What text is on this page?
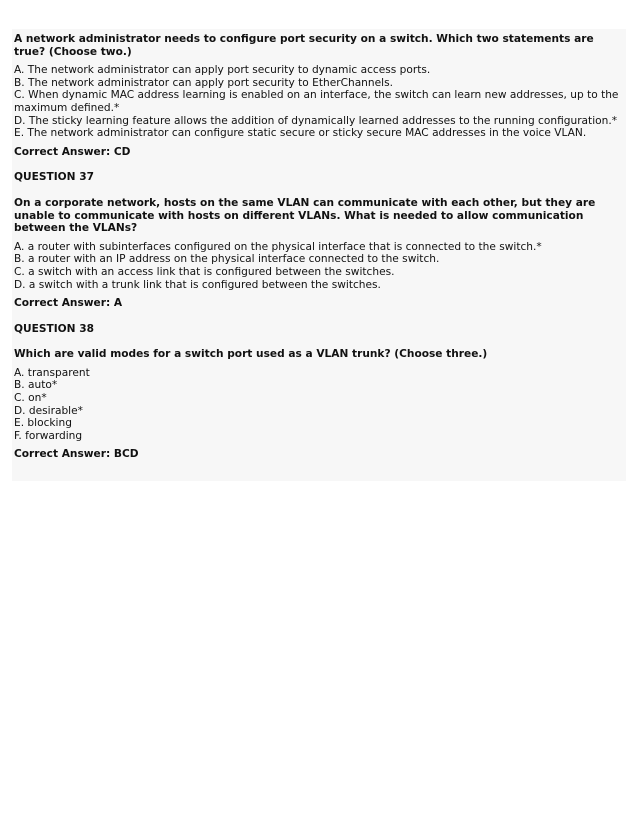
A network administrator needs to configure port security on a switch. Which two statements are true? (Choose two.)
A. The network administrator can apply port security to dynamic access ports.
B. The network administrator can apply port security to EtherChannels.
C. When dynamic MAC address learning is enabled on an interface, the switch can learn new addresses, up to the maximum defined.*
D. The sticky learning feature allows the addition of dynamically learned addresses to the running configuration.*
E. The network administrator can configure static secure or sticky secure MAC addresses in the voice VLAN.
Correct Answer: CD
QUESTION 37
On a corporate network, hosts on the same VLAN can communicate with each other, but they are unable to communicate with hosts on different VLANs. What is needed to allow communication between the VLANs?
A. a router with subinterfaces configured on the physical interface that is connected to the switch.*
B. a router with an IP address on the physical interface connected to the switch.
C. a switch with an access link that is configured between the switches.
D. a switch with a trunk link that is configured between the switches.
Correct Answer: A
QUESTION 38
Which are valid modes for a switch port used as a VLAN trunk? (Choose three.)
A. transparent
B. auto*
C. on*
D. desirable*
E. blocking
F. forwarding
Correct Answer: BCD
